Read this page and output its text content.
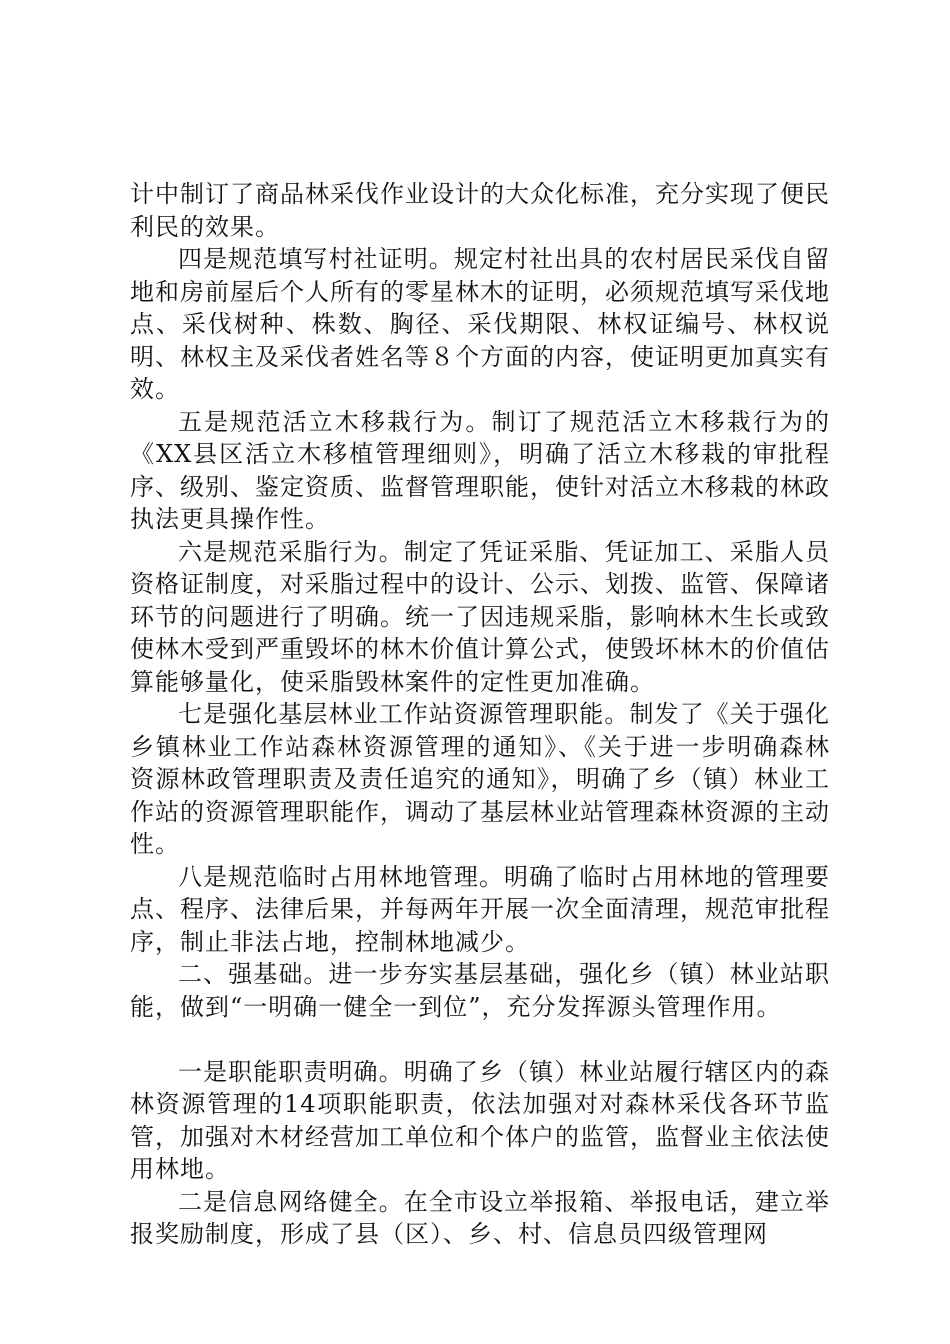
计中制订了商品林采伐作业设计的大众化标准，充分实现了便民利民的效果。

四是规范填写村社证明。规定村社出具的农村居民采伐自留地和房前屋后个人所有的零星林木的证明，必须规范填写采伐地点、采伐树种、株数、胸径、采伐期限、林权证编号、林权说明、林权主及采伐者姓名等８个方面的内容，使证明更加真实有效。

五是规范活立木移栽行为。制订了规范活立木移栽行为的《XX县区活立木移植管理细则》，明确了活立木移栽的审批程序、级别、鉴定资质、监督管理职能，使针对活立木移栽的林政执法更具操作性。

六是规范采脂行为。制定了凭证采脂、凭证加工、采脂人员资格证制度，对采脂过程中的设计、公示、划拨、监管、保障诸环节的问题进行了明确。统一了因违规采脂，影响林木生长或致使林木受到严重毁坏的林木价值计算公式，使毁坏林木的价值估算能够量化，使采脂毁林案件的定性更加准确。

七是强化基层林业工作站资源管理职能。制发了《关于强化乡镇林业工作站森林资源管理的通知》、《关于进一步明确森林资源林政管理职责及责任追究的通知》，明确了乡（镇）林业工作站的资源管理职能作，调动了基层林业站管理森林资源的主动性。

八是规范临时占用林地管理。明确了临时占用林地的管理要点、程序、法律后果，并每两年开展一次全面清理，规范审批程序，制止非法占地，控制林地减少。

二、强基础。进一步夯实基层基础，强化乡（镇）林业站职能，做到“一明确一健全一到位”，充分发挥源头管理作用。

一是职能职责明确。明确了乡（镇）林业站履行辖区内的森林资源管理的14项职能职责，依法加强对对森林采伐各环节监管，加强对木材经营加工单位和个体户的监管，监督业主依法使用林地。

二是信息网络健全。在全市设立举报箱、举报电话，建立举报奖励制度，形成了县（区）、乡、村、信息员四级管理网
